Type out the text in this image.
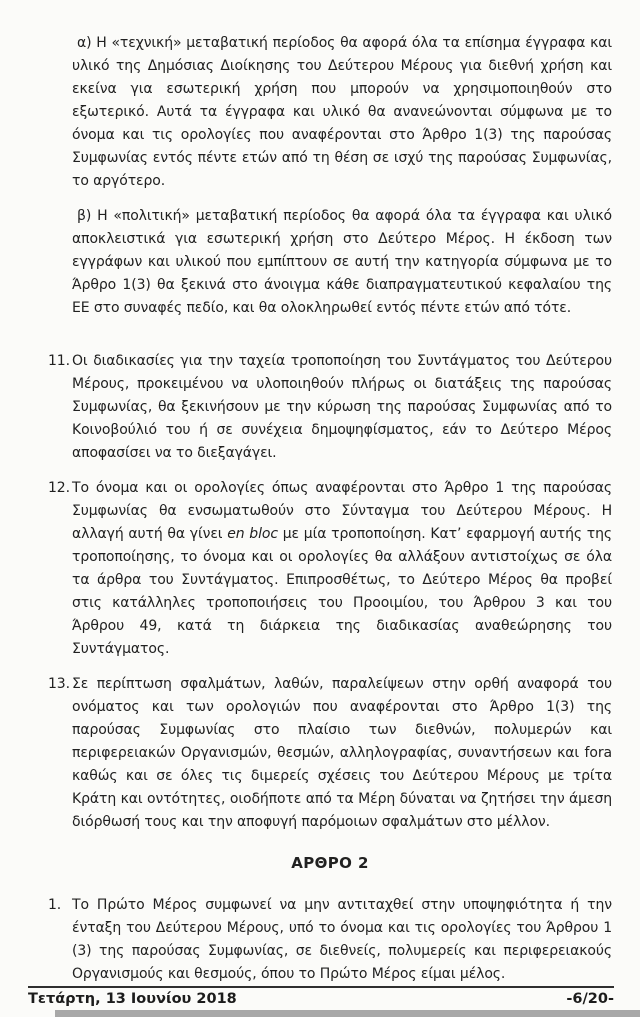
α) Η «τεχνική» μεταβατική περίοδος θα αφορά όλα τα επίσημα έγγραφα και υλικό της Δημόσιας Διοίκησης του Δεύτερου Μέρους για διεθνή χρήση και εκείνα για εσωτερική χρήση που μπορούν να χρησιμοποιηθούν στο εξωτερικό. Αυτά τα έγγραφα και υλικό θα ανανεώνονται σύμφωνα με το όνομα και τις ορολογίες που αναφέρονται στο Άρθρο 1(3) της παρούσας Συμφωνίας εντός πέντε ετών από τη θέση σε ισχύ της παρούσας Συμφωνίας, το αργότερο.

β) Η «πολιτική» μεταβατική περίοδος θα αφορά όλα τα έγγραφα και υλικό αποκλειστικά για εσωτερική χρήση στο Δεύτερο Μέρος. Η έκδοση των εγγράφων και υλικού που εμπίπτουν σε αυτή την κατηγορία σύμφωνα με το Άρθρο 1(3) θα ξεκινά στο άνοιγμα κάθε διαπραγματευτικού κεφαλαίου της ΕΕ στο συναφές πεδίο, και θα ολοκληρωθεί εντός πέντε ετών από τότε.

11. Οι διαδικασίες για την ταχεία τροποποίηση του Συντάγματος του Δεύτερου Μέρους, προκειμένου να υλοποιηθούν πλήρως οι διατάξεις της παρούσας Συμφωνίας, θα ξεκινήσουν με την κύρωση της παρούσας Συμφωνίας από το Κοινοβούλιό του ή σε συνέχεια δημοψηφίσματος, εάν το Δεύτερο Μέρος αποφασίσει να το διεξαγάγει.
12. Το όνομα και οι ορολογίες όπως αναφέρονται στο Άρθρο 1 της παρούσας Συμφωνίας θα ενσωματωθούν στο Σύνταγμα του Δεύτερου Μέρους. Η αλλαγή αυτή θα γίνει en bloc με μία τροποποίηση. Κατ’ εφαρμογή αυτής της τροποποίησης, το όνομα και οι ορολογίες θα αλλάξουν αντιστοίχως σε όλα τα άρθρα του Συντάγματος. Επιπροσθέτως, το Δεύτερο Μέρος θα προβεί στις κατάλληλες τροποποιήσεις του Προοιμίου, του Άρθρου 3 και του Άρθρου 49, κατά τη διάρκεια της διαδικασίας αναθεώρησης του Συντάγματος.
13. Σε περίπτωση σφαλμάτων, λαθών, παραλείψεων στην ορθή αναφορά του ονόματος και των ορολογιών που αναφέρονται στο Άρθρο 1(3) της παρούσας Συμφωνίας στο πλαίσιο των διεθνών, πολυμερών και περιφερειακών Οργανισμών, θεσμών, αλληλογραφίας, συναντήσεων και fora καθώς και σε όλες τις διμερείς σχέσεις του Δεύτερου Μέρους με τρίτα Κράτη και οντότητες, οιοδήποτε από τα Μέρη δύναται να ζητήσει την άμεση διόρθωσή τους και την αποφυγή παρόμοιων σφαλμάτων στο μέλλον.
ΑΡΘΡΟ 2
1. Το Πρώτο Μέρος συμφωνεί να μην αντιταχθεί στην υποψηφιότητα ή την ένταξη του Δεύτερου Μέρους, υπό το όνομα και τις ορολογίες του Άρθρου 1 (3) της παρούσας Συμφωνίας, σε διεθνείς, πολυμερείς και περιφερειακούς Οργανισμούς και θεσμούς, όπου το Πρώτο Μέρος είμαι μέλος.
Τετάρτη, 13 Ιουνίου 2018	-6/20-
